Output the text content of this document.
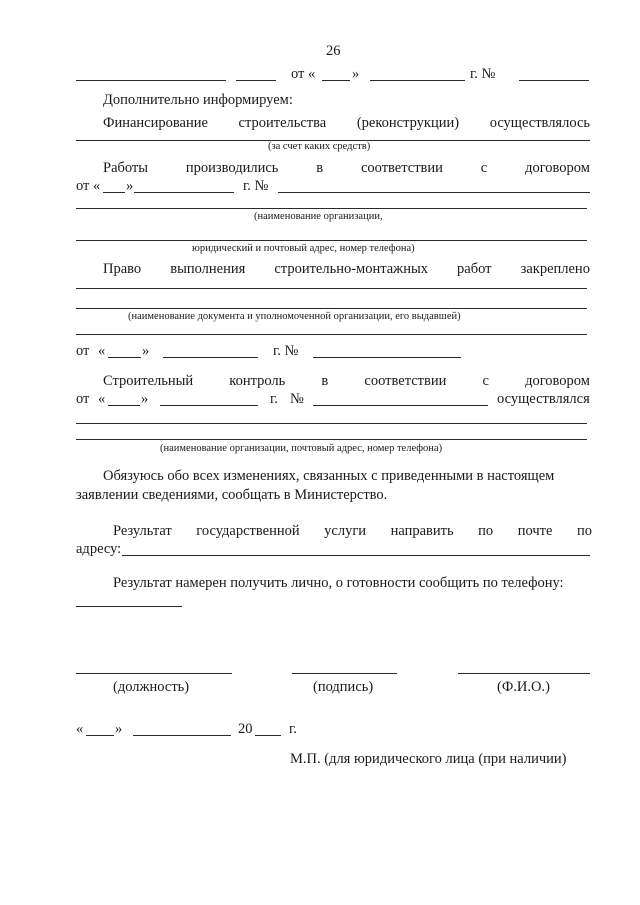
26
от «	»	г. №
Дополнительно информируем:
Финансирование строительства (реконструкции) осуществлялось
(за счет каких средств)
Работы	производились	в	соответствии	с	договором
от « »	г. №
(наименование организации,
юридический и почтовый адрес, номер телефона)
Право выполнения строительно-монтажных работ закреплено
(наименование документа и уполномоченной организации, его выдавшей)
от «	»	г. №
Строительный контроль в соответствии с договором
от « »	г. №	осуществлялся
(наименование организации, почтовый адрес, номер телефона)
Обязуюсь обо всех изменениях, связанных с приведенными в настоящем
заявлении сведениями, сообщать в Министерство.
Результат государственной услуги направить по почте по
адресу:
Результат намерен получить лично, о готовности сообщить по телефону:
(должность)	(подпись)	(Ф.И.О.)
« »	20	г.
М.П. (для юридического лица (при наличии)
